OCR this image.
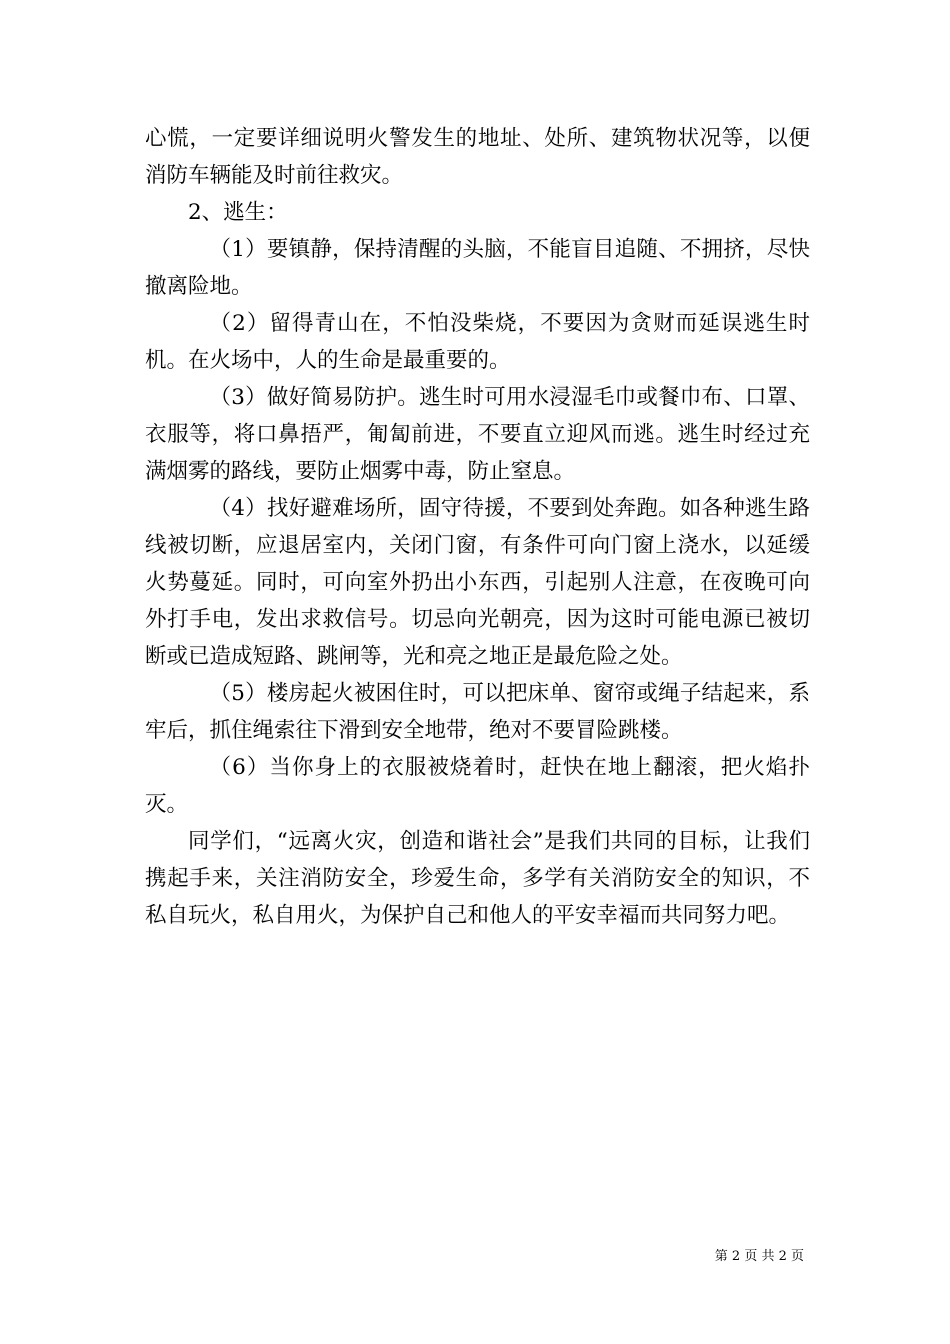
心慌，一定要详细说明火警发生的地址、处所、建筑物状况等，以便消防车辆能及时前往救灾。

2、逃生：

（1）要镇静，保持清醒的头脑，不能盲目追随、不拥挤，尽快撤离险地。

（2）留得青山在，不怕没柴烧，不要因为贪财而延误逃生时机。在火场中，人的生命是最重要的。

（3）做好简易防护。逃生时可用水浸湿毛巾或餐巾布、口罩、衣服等，将口鼻捂严，匍匐前进，不要直立迎风而逃。逃生时经过充满烟雾的路线，要防止烟雾中毒，防止窒息。

（4）找好避难场所，固守待援，不要到处奔跑。如各种逃生路线被切断，应退居室内，关闭门窗，有条件可向门窗上浇水，以延缓火势蔓延。同时，可向室外扔出小东西，引起别人注意，在夜晚可向外打手电，发出求救信号。切忌向光朝亮，因为这时可能电源已被切断或已造成短路、跳闸等，光和亮之地正是最危险之处。

（5）楼房起火被困住时，可以把床单、窗帘或绳子结起来，系牢后，抓住绳索往下滑到安全地带，绝对不要冒险跳楼。

（6）当你身上的衣服被烧着时，赶快在地上翻滚，把火焰扑灭。

同学们，“远离火灾，创造和谐社会”是我们共同的目标，让我们携起手来，关注消防安全，珍爱生命，多学有关消防安全的知识，不私自玩火，私自用火，为保护自己和他人的平安幸福而共同努力吧。

第 2 页 共 2 页
